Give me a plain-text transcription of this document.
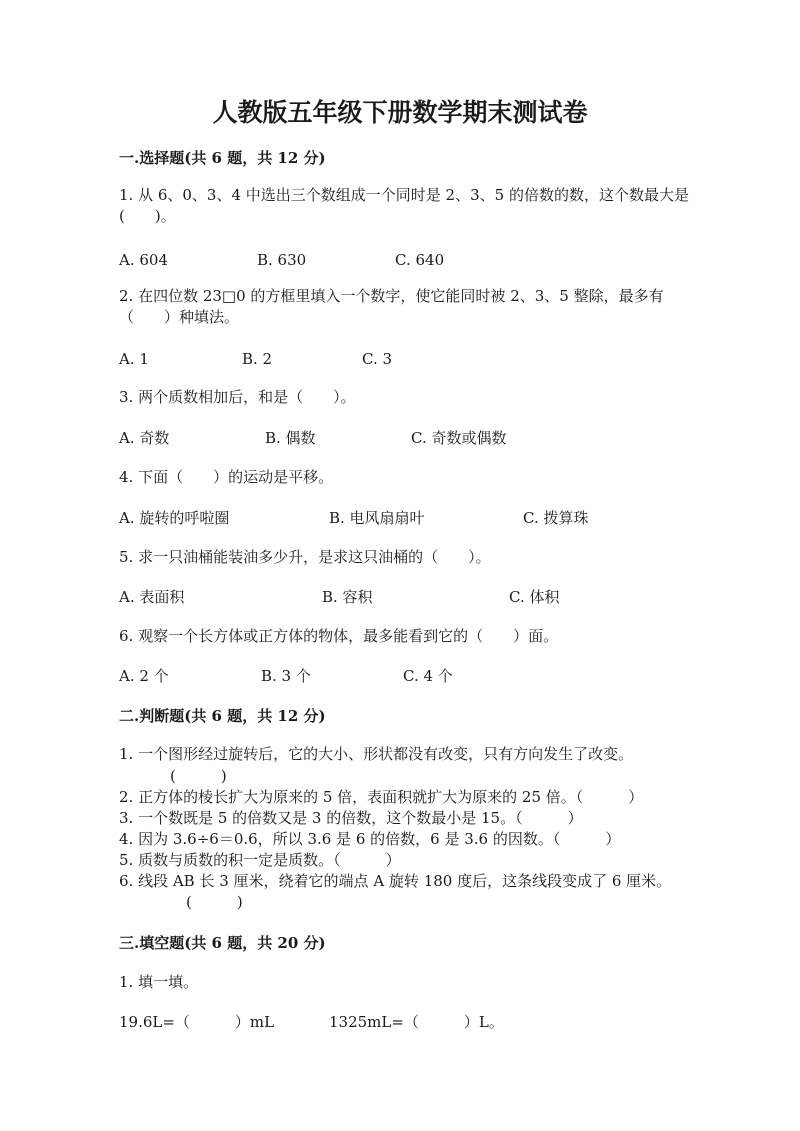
人教版五年级下册数学期末测试卷
一.选择题(共 6 题，共 12 分)
1. 从 6、0、3、4 中选出三个数组成一个同时是 2、3、5 的倍数的数，这个数最大是(　　)。
A. 604	B. 630	C. 640
2. 在四位数 23□0 的方框里填入一个数字，使它能同时被 2、3、5 整除，最多有（　　）种填法。
A. 1	B. 2	C. 3
3. 两个质数相加后，和是（　　）。
A. 奇数	B. 偶数	C. 奇数或偶数
4. 下面（　　）的运动是平移。
A. 旋转的呼啦圈	B. 电风扇扇叶	C. 拨算珠
5. 求一只油桶能装油多少升，是求这只油桶的（　　）。
A. 表面积	B. 容积	C. 体积
6. 观察一个长方体或正方体的物体，最多能看到它的（　　）面。
A. 2 个	B. 3 个	C. 4 个
二.判断题(共 6 题，共 12 分)
1. 一个图形经过旋转后，它的大小、形状都没有改变，只有方向发生了改变。
(　　　)
2. 正方体的棱长扩大为原来的 5 倍，表面积就扩大为原来的 25 倍。（　　　）
3. 一个数既是 5 的倍数又是 3 的倍数，这个数最小是 15。（　　　）
4. 因为 3.6÷6＝0.6，所以 3.6 是 6 的倍数，6 是 3.6 的因数。（　　　）
5. 质数与质数的积一定是质数。（　　　）
6. 线段 AB 长 3 厘米，绕着它的端点 A 旋转 180 度后，这条线段变成了 6 厘米。
(　　　)
三.填空题(共 6 题，共 20 分)
1. 填一填。
19.6L=（　　　）mL	1325mL=（　　　）L。
